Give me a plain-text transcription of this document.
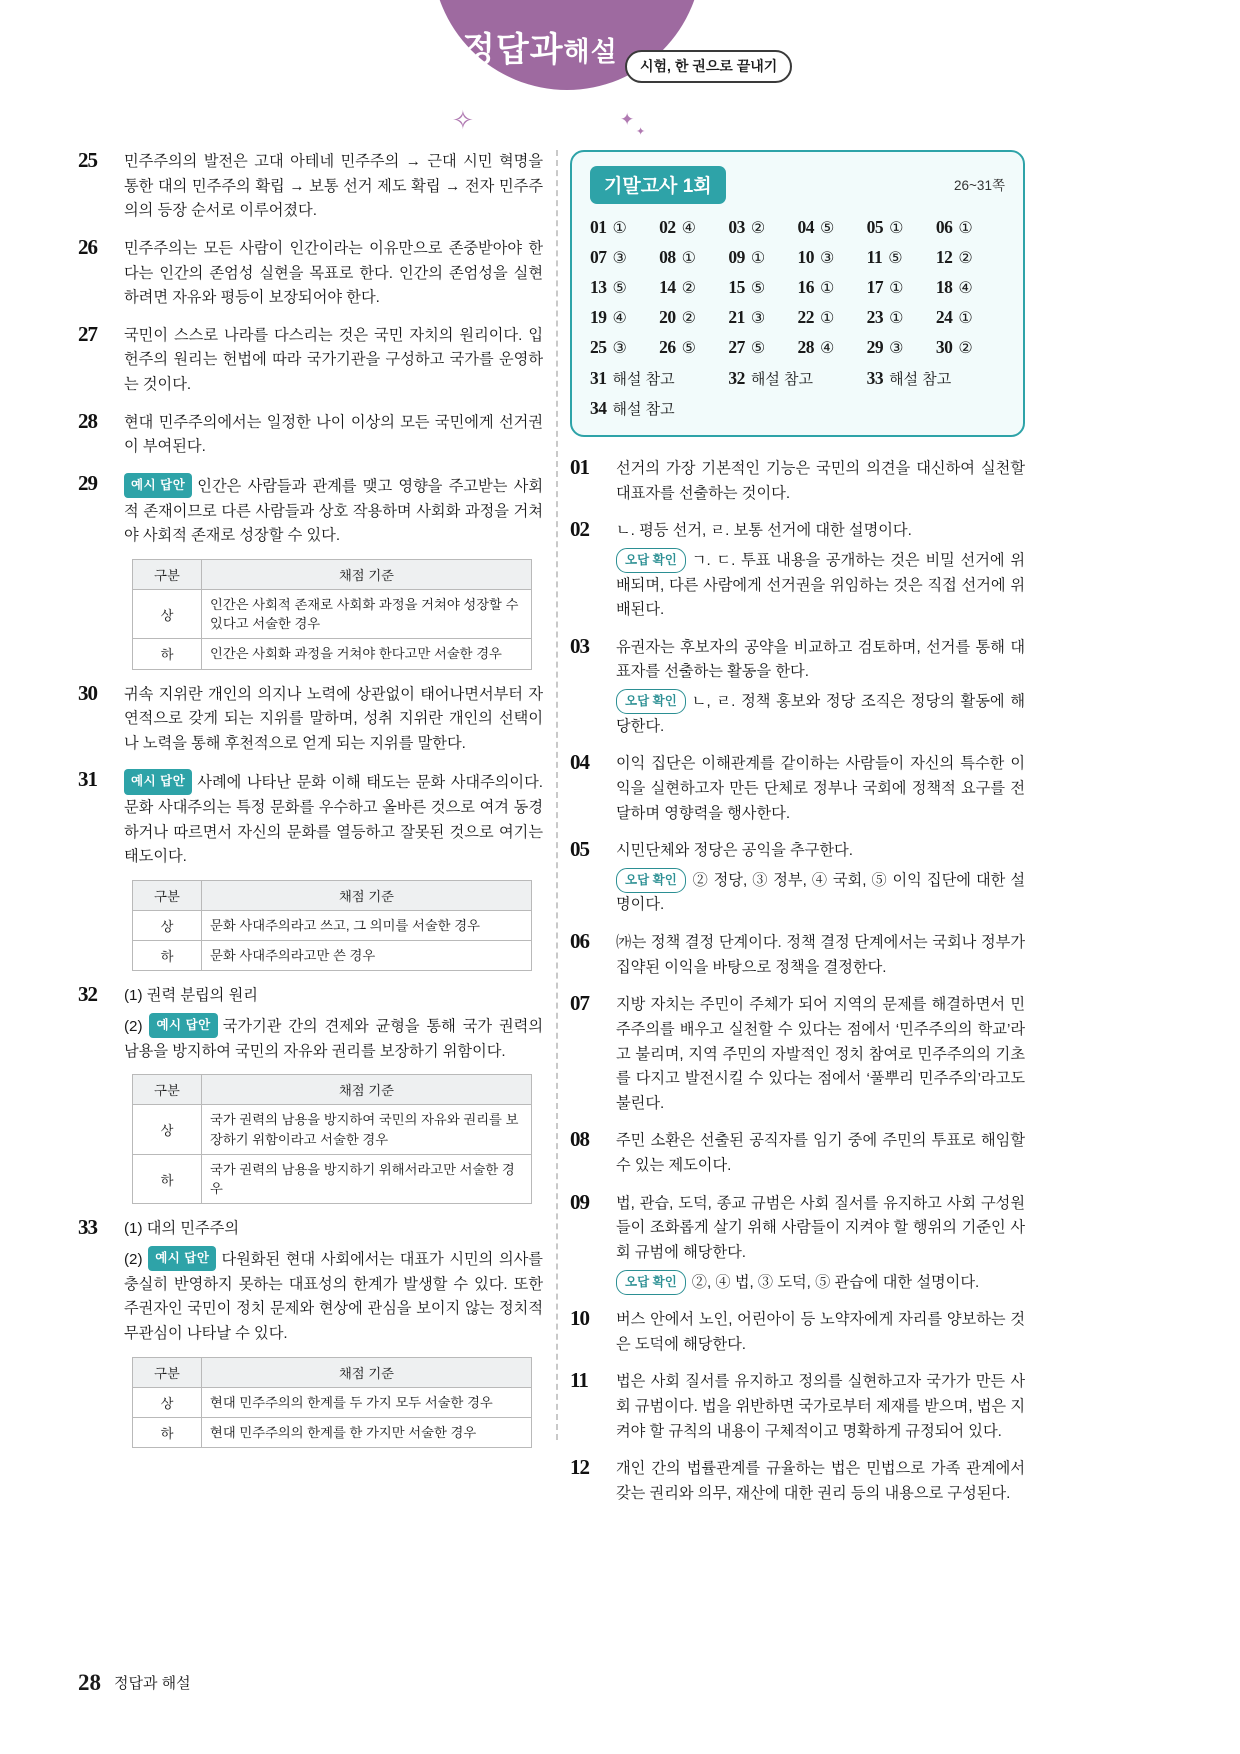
정답과해설	시험, 한 권으로 끝내기
✧	✦
✦
25 민주주의의 발전은 고대 아테네 민주주의 → 근대 시민 혁명을 통한 대의 민주주의 확립 → 보통 선거 제도 확립 → 전자 민주주의의 등장 순서로 이루어졌다.
26 민주주의는 모든 사람이 인간이라는 이유만으로 존중받아야 한다는 인간의 존엄성 실현을 목표로 한다. 인간의 존엄성을 실현하려면 자유와 평등이 보장되어야 한다.
27 국민이 스스로 나라를 다스리는 것은 국민 자치의 원리이다. 입헌주의 원리는 헌법에 따라 국가기관을 구성하고 국가를 운영하는 것이다.
28 현대 민주주의에서는 일정한 나이 이상의 모든 국민에게 선거권이 부여된다.
29	예시 답안 인간은 사람들과 관계를 맺고 영향을 주고받는 사회적 존재이므로 다른 사람들과 상호 작용하며 사회화 과정을 거쳐야 사회적 존재로 성장할 수 있다.
구분	채점 기준
상	인간은 사회적 존재로 사회화 과정을 거쳐야 성장할 수 있다고 서술한 경우
하	인간은 사회화 과정을 거쳐야 한다고만 서술한 경우
30 귀속 지위란 개인의 의지나 노력에 상관없이 태어나면서부터 자연적으로 갖게 되는 지위를 말하며, 성취 지위란 개인의 선택이나 노력을 통해 후천적으로 얻게 되는 지위를 말한다.
31	예시 답안 사례에 나타난 문화 이해 태도는 문화 사대주의이다. 문화 사대주의는 특정 문화를 우수하고 올바른 것으로 여겨 동경하거나 따르면서 자신의 문화를 열등하고 잘못된 것으로 여기는 태도이다.
구분	채점 기준
상	문화 사대주의라고 쓰고, 그 의미를 서술한 경우
하	문화 사대주의라고만 쓴 경우
32 (1) 권력 분립의 원리
(2) 예시 답안 국가기관 간의 견제와 균형을 통해 국가 권력의 남용을 방지하여 국민의 자유와 권리를 보장하기 위함이다.
구분	채점 기준
상	국가 권력의 남용을 방지하여 국민의 자유와 권리를 보장하기 위함이라고 서술한 경우
하	국가 권력의 남용을 방지하기 위해서라고만 서술한 경우
33 (1) 대의 민주주의
(2) 예시 답안 다원화된 현대 사회에서는 대표가 시민의 의사를 충실히 반영하지 못하는 대표성의 한계가 발생할 수 있다. 또한 주권자인 국민이 정치 문제와 현상에 관심을 보이지 않는 정치적 무관심이 나타날 수 있다.
구분	채점 기준
상	현대 민주주의의 한계를 두 가지 모두 서술한 경우
하	현대 민주주의의 한계를 한 가지만 서술한 경우
기말고사 1회	26~31쪽
01 ①	02 ④	03 ②	04 ⑤	05 ①	06 ①
07 ③	08 ①	09 ①	10 ③	11 ⑤	12 ②
13 ⑤	14 ②	15 ⑤	16 ①	17 ①	18 ④
19 ④	20 ②	21 ③	22 ①	23 ①	24 ①
25 ③	26 ⑤	27 ⑤	28 ④	29 ③	30 ②
31 해설 참고	32 해설 참고	33 해설 참고
34 해설 참고
01 선거의 가장 기본적인 기능은 국민의 의견을 대신하여 실천할 대표자를 선출하는 것이다.
02 ㄴ. 평등 선거, ㄹ. 보통 선거에 대한 설명이다.
오답 확인 ㄱ. ㄷ. 투표 내용을 공개하는 것은 비밀 선거에 위배되며, 다른 사람에게 선거권을 위임하는 것은 직접 선거에 위배된다.
03 유권자는 후보자의 공약을 비교하고 검토하며, 선거를 통해 대표자를 선출하는 활동을 한다.
오답 확인 ㄴ, ㄹ. 정책 홍보와 정당 조직은 정당의 활동에 해당한다.
04 이익 집단은 이해관계를 같이하는 사람들이 자신의 특수한 이익을 실현하고자 만든 단체로 정부나 국회에 정책적 요구를 전달하며 영향력을 행사한다.
05 시민단체와 정당은 공익을 추구한다.
오답 확인 ② 정당, ③ 정부, ④ 국회, ⑤ 이익 집단에 대한 설명이다.
06 ㈎는 정책 결정 단계이다. 정책 결정 단계에서는 국회나 정부가 집약된 이익을 바탕으로 정책을 결정한다.
07 지방 자치는 주민이 주체가 되어 지역의 문제를 해결하면서 민주주의를 배우고 실천할 수 있다는 점에서 ‘민주주의의 학교’라고 불리며, 지역 주민의 자발적인 정치 참여로 민주주의의 기초를 다지고 발전시킬 수 있다는 점에서 ‘풀뿌리 민주주의’라고도 불린다.
08 주민 소환은 선출된 공직자를 임기 중에 주민의 투표로 해임할 수 있는 제도이다.
09 법, 관습, 도덕, 종교 규범은 사회 질서를 유지하고 사회 구성원들이 조화롭게 살기 위해 사람들이 지켜야 할 행위의 기준인 사회 규범에 해당한다.
오답 확인 ②, ④ 법, ③ 도덕, ⑤ 관습에 대한 설명이다.
10 버스 안에서 노인, 어린아이 등 노약자에게 자리를 양보하는 것은 도덕에 해당한다.
11 법은 사회 질서를 유지하고 정의를 실현하고자 국가가 만든 사회 규범이다. 법을 위반하면 국가로부터 제재를 받으며, 법은 지켜야 할 규칙의 내용이 구체적이고 명확하게 규정되어 있다.
12 개인 간의 법률관계를 규율하는 법은 민법으로 가족 관계에서 갖는 권리와 의무, 재산에 대한 권리 등의 내용으로 구성된다.
28 정답과 해설
